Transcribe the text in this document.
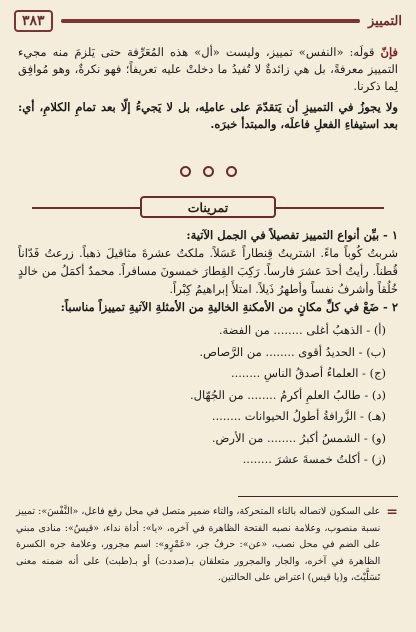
التمييز
٣٨٣

فإنّ قولَه: «النفس» تمييز، وليست «أل» هذه المُعَرِّفة حتى يَلزمَ منه مجيء التمييز معرفةً، بل هي زائدةٌ لا تُفيدُ ما دخلتْ عليه تعريفاً؛ فهو نكرةٌ، وهو مُوافِق لِما ذكرنا.

ولا يجوزُ في التمييزِ أن يَتقدّمَ على عاملِه، بل لا يَجيءُ إلّا بعد تمامِ الكلامِ، أي: بعد استيفاءِ الفعلِ فاعلَه، والمبتدأ خبرَه.

تمرينات

١ - بيِّن أنواع التمييز تفصيلاً في الجمل الآتية:

شربتُ كُوباً ماءً. اشتريتُ قِنطاراً عَسَلاً. ملكتُ عشرةَ مثاقيلَ ذهباً. زرعتُ فَدّاناً قُطناً. رأيتُ أحدَ عشرَ فارساً. رَكِبَ القِطارَ خمسونَ مسافراً. محمدٌ أكمَلُ من خالدٍ خُلُقاً وأشرفُ نفساً وأطهرُ ذَيلاً. امتلأَ إبراهيمُ كِبْراً.

٢ - ضَعْ في كلِّ مكانٍ من الأمكنةِ الخاليةِ من الأمثلةِ الآتيةِ تمييزاً مناسباً:

(أ) - الذهبُ أغلى ........ من الفضة.

(ب) - الحديدُ أقوى ........ من الرَّصاص.

(ج) - العلماءُ أصدقُ الناسِ ........

(د) - طالبُ العلمِ أكرمُ ........ من الجُهّال.

(هـ) - الزَّرافةُ أطولُ الحيوانات ........

(و) - الشمسُ أكبرُ ........ من الأرض.

(ز) - أكلتُ خمسةَ عشرَ ........

=
على السكون لاتصاله بالتاء المتحركة، والتاء ضمير متصل في محل رفع فاعل، «النَّفْسَ»: تمييز نسبة منصوب، وعلامة نصبه الفتحة الظاهرة في آخره، «يا»: أداة نداء، «قيسُ»: منادى مبني على الضم في محل نصب، «عن»: حرفُ جر، «عَمْرٍو»: اسم مجرور، وعلامة جره الكسرة الظاهرة في آخره، والجار والمجرور متعلقان بـ(صددت) أو بـ(طبت) على أنه ضمنه معنى تَسَلَّيْتَ، و(يا قيس) اعتراض على الحالتين.
